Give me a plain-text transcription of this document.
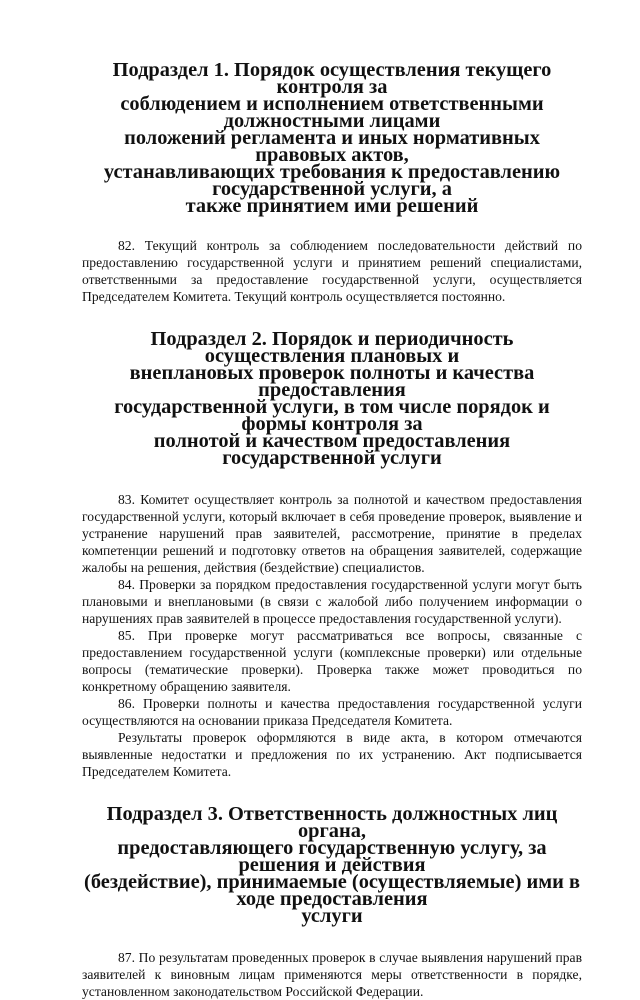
Подраздел 1. Порядок осуществления текущего контроля за
соблюдением и исполнением ответственными должностными лицами
положений регламента и иных нормативных правовых актов,
устанавливающих требования к предоставлению государственной услуги, а
также принятием ими решений

82. Текущий контроль за соблюдением последовательности действий по предоставлению государственной услуги и принятием решений специалистами, ответственными за предоставление государственной услуги, осуществляется Председателем Комитета. Текущий контроль осуществляется постоянно.

Подраздел 2. Порядок и периодичность осуществления плановых и
внеплановых проверок полноты и качества предоставления
государственной услуги, в том числе порядок и формы контроля за
полнотой и качеством предоставления государственной услуги

83. Комитет осуществляет контроль за полнотой и качеством предоставления государственной услуги, который включает в себя проведение проверок, выявление и устранение нарушений прав заявителей, рассмотрение, принятие в пределах компетенции решений и подготовку ответов на обращения заявителей, содержащие жалобы на решения, действия (бездействие) специалистов.

84. Проверки за порядком предоставления государственной услуги могут быть плановыми и внеплановыми (в связи с жалобой либо получением информации о нарушениях прав заявителей в процессе предоставления государственной услуги).

85. При проверке могут рассматриваться все вопросы, связанные с предоставлением государственной услуги (комплексные проверки) или отдельные вопросы (тематические проверки). Проверка также может проводиться по конкретному обращению заявителя.

86. Проверки полноты и качества предоставления государственной услуги осуществляются на основании приказа Председателя Комитета.

Результаты проверок оформляются в виде акта, в котором отмечаются выявленные недостатки и предложения по их устранению. Акт подписывается Председателем Комитета.

Подраздел 3. Ответственность должностных лиц органа,
предоставляющего государственную услугу, за решения и действия
(бездействие), принимаемые (осуществляемые) ими в ходе предоставления
услуги

87. По результатам проведенных проверок в случае выявления нарушений прав заявителей к виновным лицам применяются меры ответственности в порядке, установленном законодательством Российской Федерации.
